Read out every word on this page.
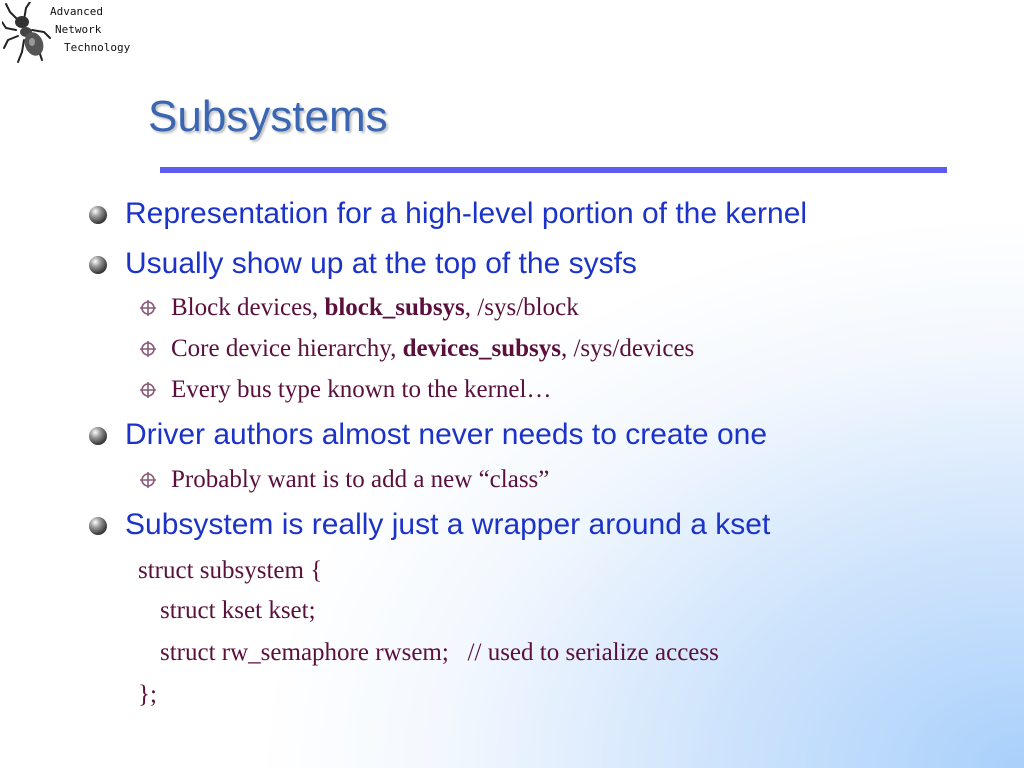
Advanced
Network
Technology
Subsystems
Representation for a high-level portion of the kernel
Usually show up at the top of the sysfs
Block devices, block_subsys, /sys/block
Core device hierarchy, devices_subsys, /sys/devices
Every bus type known to the kernel…
Driver authors almost never needs to create one
Probably want is to add a new “class”
Subsystem is really just a wrapper around a kset
struct subsystem {
struct kset kset;
struct rw_semaphore rwsem;   // used to serialize access
};
